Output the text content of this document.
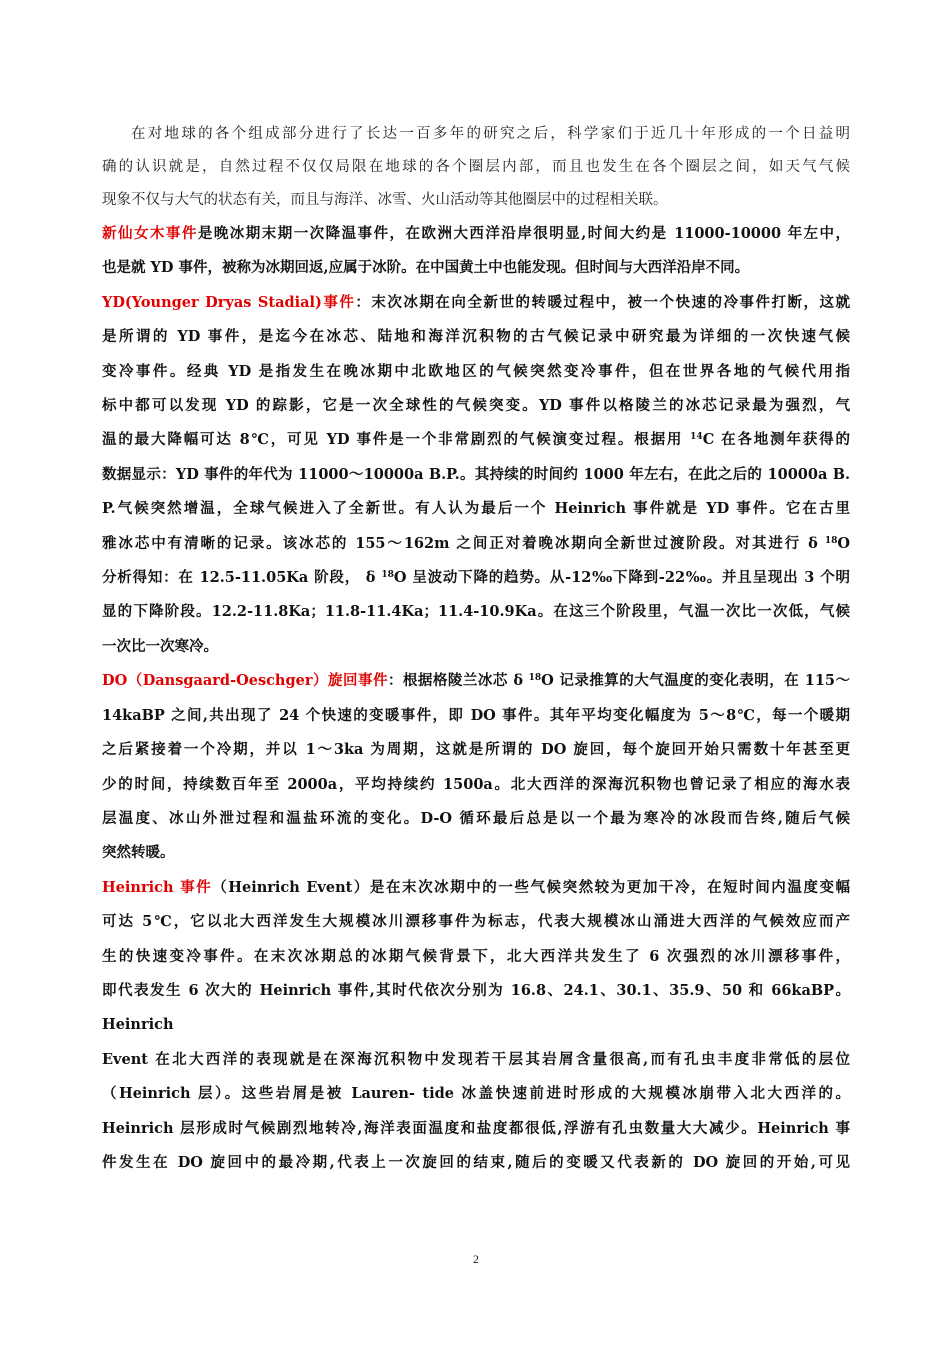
在对地球的各个组成部分进行了长达一百多年的研究之后，科学家们于近几十年形成的一个日益明

确的认识就是，自然过程不仅仅局限在地球的各个圈层内部，而且也发生在各个圈层之间，如天气气候

现象不仅与大气的状态有关，而且与海洋、冰雪、火山活动等其他圈层中的过程相关联。

新仙女木事件是晚冰期末期一次降温事件，在欧洲大西洋沿岸很明显,时间大约是 11000-10000 年左中，

也是就 YD 事件，被称为冰期回返,应属于冰阶。在中国黄土中也能发现。但时间与大西洋沿岸不同。

YD(Younger Dryas Stadial)事件：末次冰期在向全新世的转暖过程中，被一个快速的冷事件打断，这就

是所谓的 YD 事件，是迄今在冰芯、陆地和海洋沉积物的古气候记录中研究最为详细的一次快速气候

变冷事件。经典 YD 是指发生在晚冰期中北欧地区的气候突然变冷事件，但在世界各地的气候代用指

标中都可以发现 YD 的踪影，它是一次全球性的气候突变。YD 事件以格陵兰的冰芯记录最为强烈，气

温的最大降幅可达 8℃，可见 YD 事件是一个非常剧烈的气候演变过程。根据用 $^{14}$C 在各地测年获得的

数据显示：YD 事件的年代为 11000～10000a B.P.。其持续的时间约 1000 年左右，在此之后的 10000a B.

P.气候突然增温，全球气候进入了全新世。有人认为最后一个 Heinrich 事件就是 YD 事件。它在古里

雅冰芯中有清晰的记录。该冰芯的 155～162m 之间正对着晚冰期向全新世过渡阶段。对其进行 δ $^{18}$O

分析得知：在 12.5-11.05Ka 阶段， δ $^{18}$O 呈波动下降的趋势。从-12‰下降到-22‰。并且呈现出 3 个明

显的下降阶段。12.2-11.8Ka；11.8-11.4Ka；11.4-10.9Ka。在这三个阶段里，气温一次比一次低，气候

一次比一次寒冷。

DO（Dansgaard-Oeschger）旋回事件：根据格陵兰冰芯 δ $^{18}$O 记录推算的大气温度的变化表明，在 115～

14kaBP 之间,共出现了 24 个快速的变暖事件，即 DO 事件。其年平均变化幅度为 5～8℃，每一个暖期

之后紧接着一个冷期，并以 1～3ka 为周期，这就是所谓的 DO 旋回，每个旋回开始只需数十年甚至更

少的时间，持续数百年至 2000a，平均持续约 1500a。北大西洋的深海沉积物也曾记录了相应的海水表

层温度、冰山外泄过程和温盐环流的变化。D-O 循环最后总是以一个最为寒冷的冰段而告终,随后气候

突然转暖。

Heinrich 事件（Heinrich Event）是在末次冰期中的一些气候突然较为更加干冷，在短时间内温度变幅

可达 5℃，它以北大西洋发生大规模冰川漂移事件为标志，代表大规模冰山涌进大西洋的气候效应而产

生的快速变冷事件。在末次冰期总的冰期气候背景下，北大西洋共发生了 6 次强烈的冰川漂移事件，

即代表发生 6 次大的 Heinrich 事件,其时代依次分别为 16.8、24.1、30.1、35.9、50 和 66kaBP。 Heinrich

Event 在北大西洋的表现就是在深海沉积物中发现若干层其岩屑含量很高,而有孔虫丰度非常低的层位

（Heinrich 层）。这些岩屑是被 Lauren- tide 冰盖快速前进时形成的大规模冰崩带入北大西洋的。

Heinrich 层形成时气候剧烈地转冷,海洋表面温度和盐度都很低,浮游有孔虫数量大大减少。Heinrich 事

件发生在 DO 旋回中的最冷期,代表上一次旋回的结束,随后的变暖又代表新的 DO 旋回的开始,可见

2
